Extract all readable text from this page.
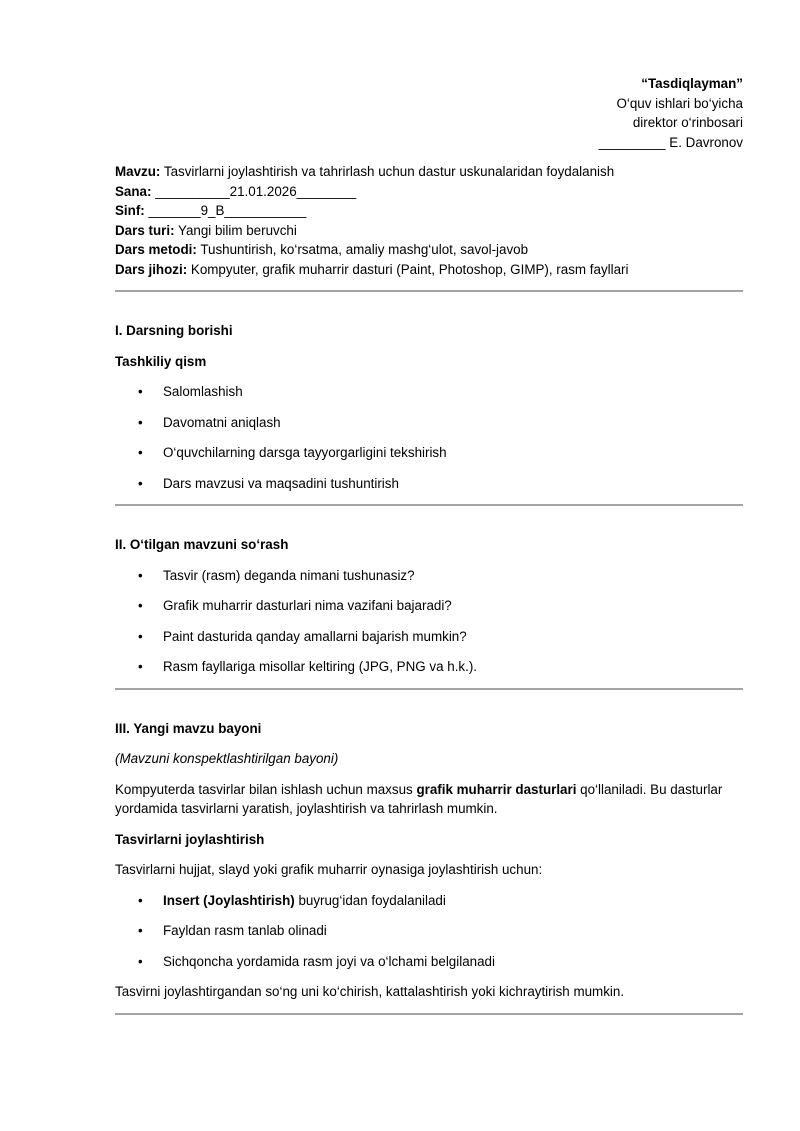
“Tasdiqlayman”
O‘quv ishlari bo‘yicha
direktor o‘rinbosari
_________ E. Davronov
Mavzu: Tasvirlarni joylashtirish va tahrirlash uchun dastur uskunalaridan foydalanish
Sana: __________21.01.2026________
Sinf: _______9_B___________
Dars turi: Yangi bilim beruvchi
Dars metodi: Tushuntirish, ko‘rsatma, amaliy mashg‘ulot, savol-javob
Dars jihozi: Kompyuter, grafik muharrir dasturi (Paint, Photoshop, GIMP), rasm fayllari
I. Darsning borishi
Tashkiliy qism
• Salomlashish
• Davomatni aniqlash
• O‘quvchilarning darsga tayyorgarligini tekshirish
• Dars mavzusi va maqsadini tushuntirish
II. O‘tilgan mavzuni so‘rash
• Tasvir (rasm) deganda nimani tushunasiz?
• Grafik muharrir dasturlari nima vazifani bajaradi?
• Paint dasturida qanday amallarni bajarish mumkin?
• Rasm fayllariga misollar keltiring (JPG, PNG va h.k.).
III. Yangi mavzu bayoni

(Mavzuni konspektlashtirilgan bayoni)

Kompyuterda tasvirlar bilan ishlash uchun maxsus grafik muharrir dasturlari qo‘llaniladi. Bu dasturlar yordamida tasvirlarni yaratish, joylashtirish va tahrirlash mumkin.

Tasvirlarni joylashtirish

Tasvirlarni hujjat, slayd yoki grafik muharrir oynasiga joylashtirish uchun:

• Insert (Joylashtirish) buyrug‘idan foydalaniladi
• Fayldan rasm tanlab olinadi
• Sichqoncha yordamida rasm joyi va o‘lchami belgilanadi

Tasvirni joylashtirgandan so‘ng uni ko‘chirish, kattalashtirish yoki kichraytirish mumkin.
